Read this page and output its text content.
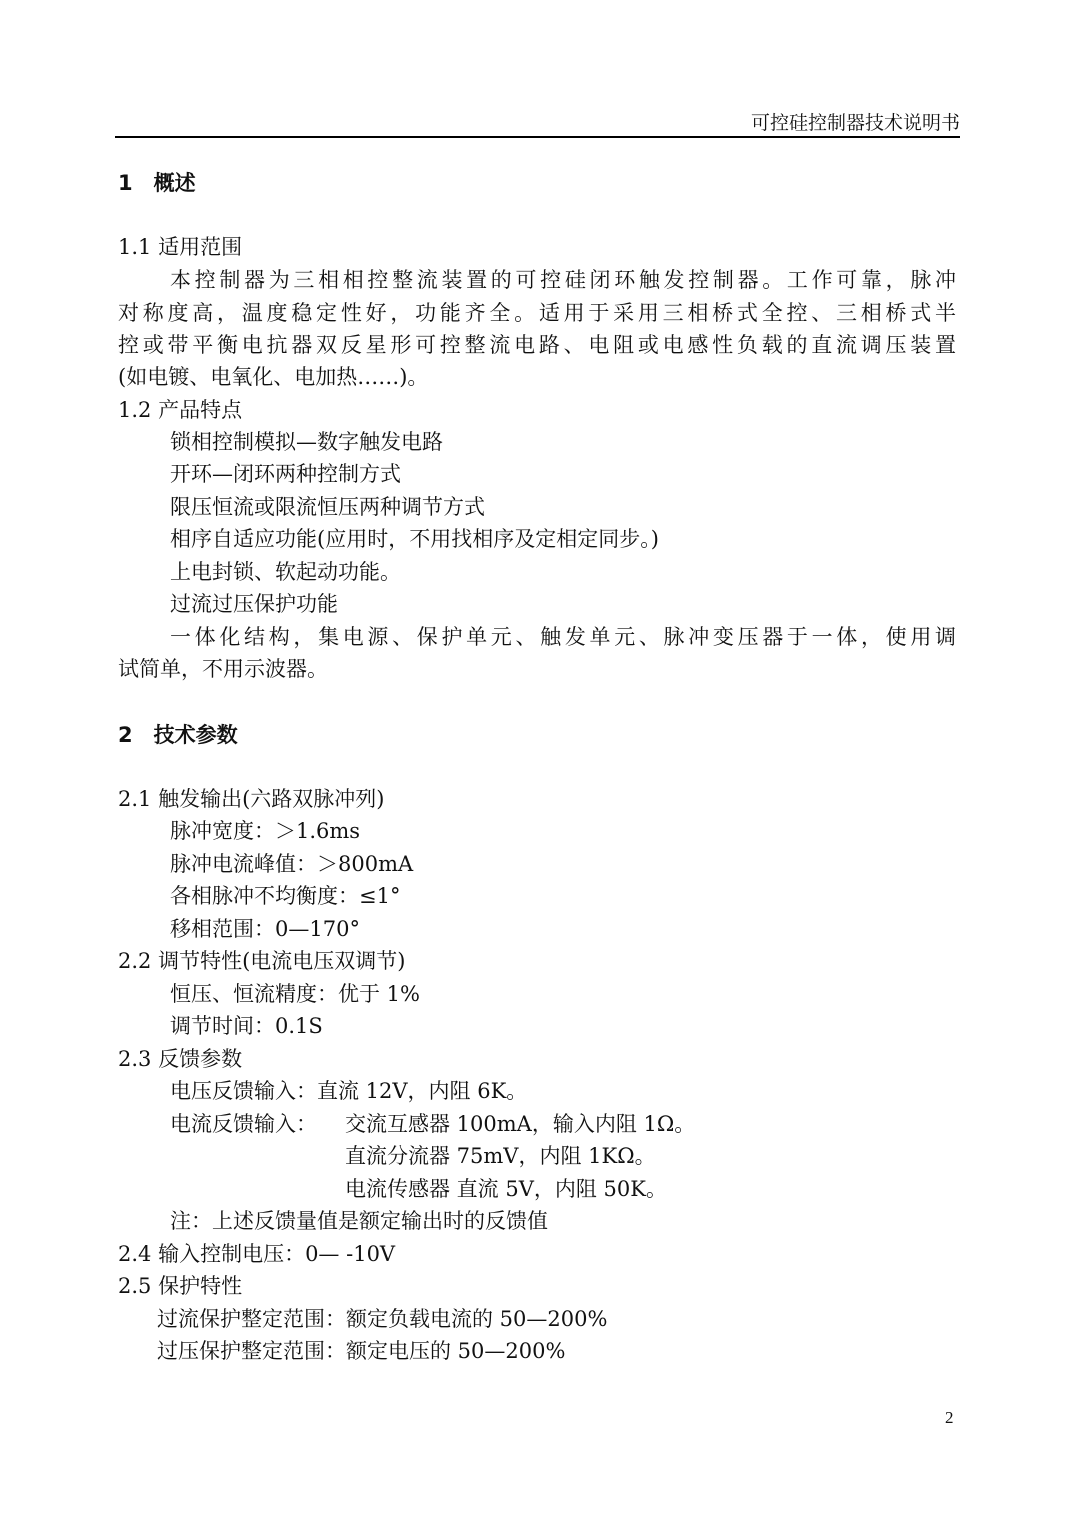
可控硅控制器技术说明书
1　概述
1.1 适用范围
本控制器为三相相控整流装置的可控硅闭环触发控制器。工作可靠，脉冲
对称度高，温度稳定性好，功能齐全。适用于采用三相桥式全控、三相桥式半
控或带平衡电抗器双反星形可控整流电路、电阻或电感性负载的直流调压装置
(如电镀、电氧化、电加热……)。
1.2 产品特点
锁相控制模拟—数字触发电路
开环—闭环两种控制方式
限压恒流或限流恒压两种调节方式
相序自适应功能(应用时，不用找相序及定相定同步。)
上电封锁、软起动功能。
过流过压保护功能
一体化结构，集电源、保护单元、触发单元、脉冲变压器于一体，使用调
试简单，不用示波器。
2　技术参数
2.1 触发输出(六路双脉冲列)
脉冲宽度：＞1.6ms
脉冲电流峰值：＞800mA
各相脉冲不均衡度：≤1°
移相范围：0—170°
2.2 调节特性(电流电压双调节)
恒压、恒流精度：优于 1%
调节时间：0.1S
2.3 反馈参数
电压反馈输入：直流 12V，内阻 6K。
电流反馈输入： 交流互感器 100mA，输入内阻 1Ω。
直流分流器 75mV，内阻 1KΩ。
电流传感器 直流 5V，内阻 50K。
注：上述反馈量值是额定输出时的反馈值
2.4 输入控制电压：0— -10V
2.5 保护特性
过流保护整定范围：额定负载电流的 50—200%
过压保护整定范围：额定电压的 50—200%
2
